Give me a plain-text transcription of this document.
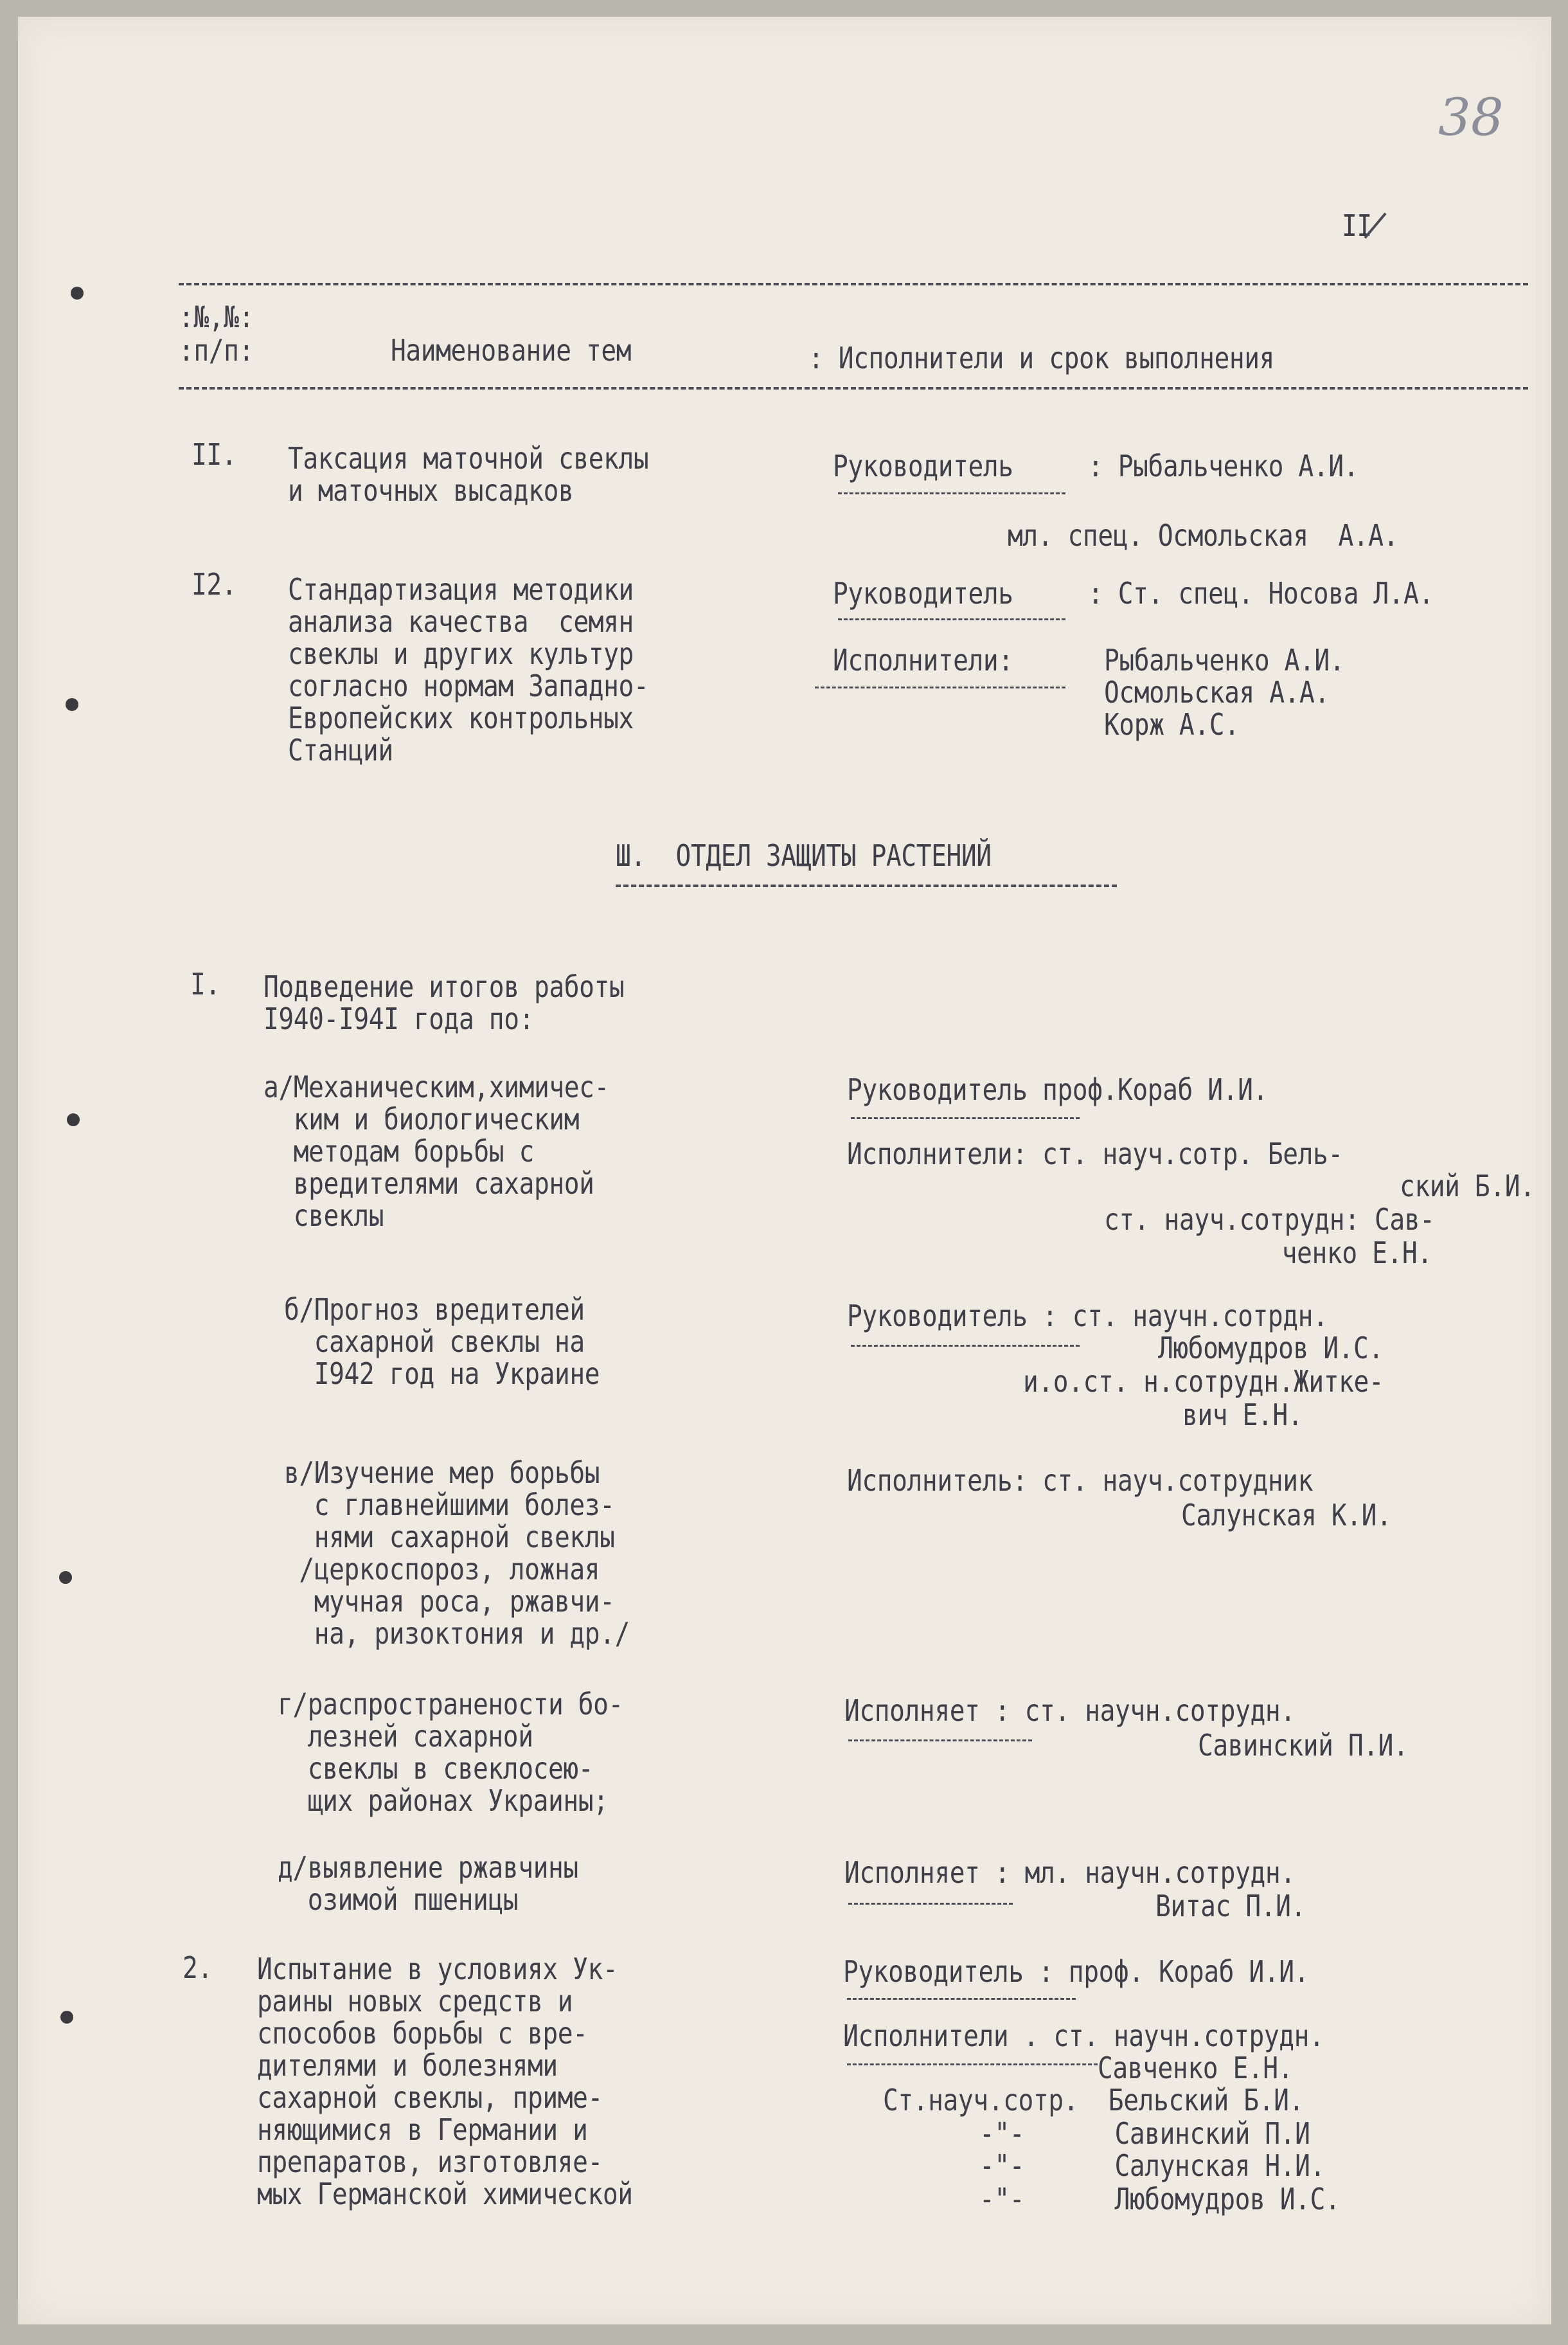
38
II
:№,№:
:п/п:	Наименование тем	: Исполнители и срок выполнения
II. Таксация маточной свеклы
и маточных высадков
Руководитель	: Рыбальченко А.И.
мл. спец. Осмольская  А.А.
I2. Стандартизация методики
анализа качества  семян
свеклы и других культур
согласно нормам Западно-
Европейских контрольных
Станций
Руководитель	: Ст. спец. Носова Л.А.
Исполнители:	Рыбальченко А.И.
Осмольская А.А.
Корж А.С.
Ш.  ОТДЕЛ ЗАЩИТЫ РАСТЕНИЙ
I. Подведение итогов работы
I940-I94I года по:
а/Механическим,химичес-
ким и биологическим
методам борьбы с
вредителями сахарной
свеклы
Руководитель проф.Кораб И.И.
Исполнители: ст. науч.сотр. Бель-
ский Б.И.
ст. науч.сотрудн: Сав-
ченко Е.Н.
б/Прогноз вредителей
сахарной свеклы на
I942 год на Украине
Руководитель : ст. научн.сотрдн.
Любомудров И.С.
и.о.ст. н.сотрудн.Житке-
вич Е.Н.
в/Изучение мер борьбы
с главнейшими болез-
нями сахарной свеклы
/церкоспороз, ложная
мучная роса, ржавчи-
на, ризоктония и др./
Исполнитель: ст. науч.сотрудник
Салунская К.И.
г/распространености бо-
лезней сахарной
свеклы в свеклосею-
щих районах Украины;
Исполняет : ст. научн.сотрудн.
Савинский П.И.
д/выявление ржавчины
озимой пшеницы
Исполняет : мл. научн.сотрудн.
Витас П.И.
2. Испытание в условиях Ук-
раины новых средств и
способов борьбы с вре-
дителями и болезнями
сахарной свеклы, приме-
няющимися в Германии и
препаратов, изготовляе-
мых Германской химической
Руководитель : проф. Кораб И.И.
Исполнители . ст. научн.сотрудн.
Савченко Е.Н.
Ст.науч.сотр.  Бельский Б.И.
-"-      Савинский П.И
-"-      Салунская Н.И.
-"-      Любомудров И.С.
